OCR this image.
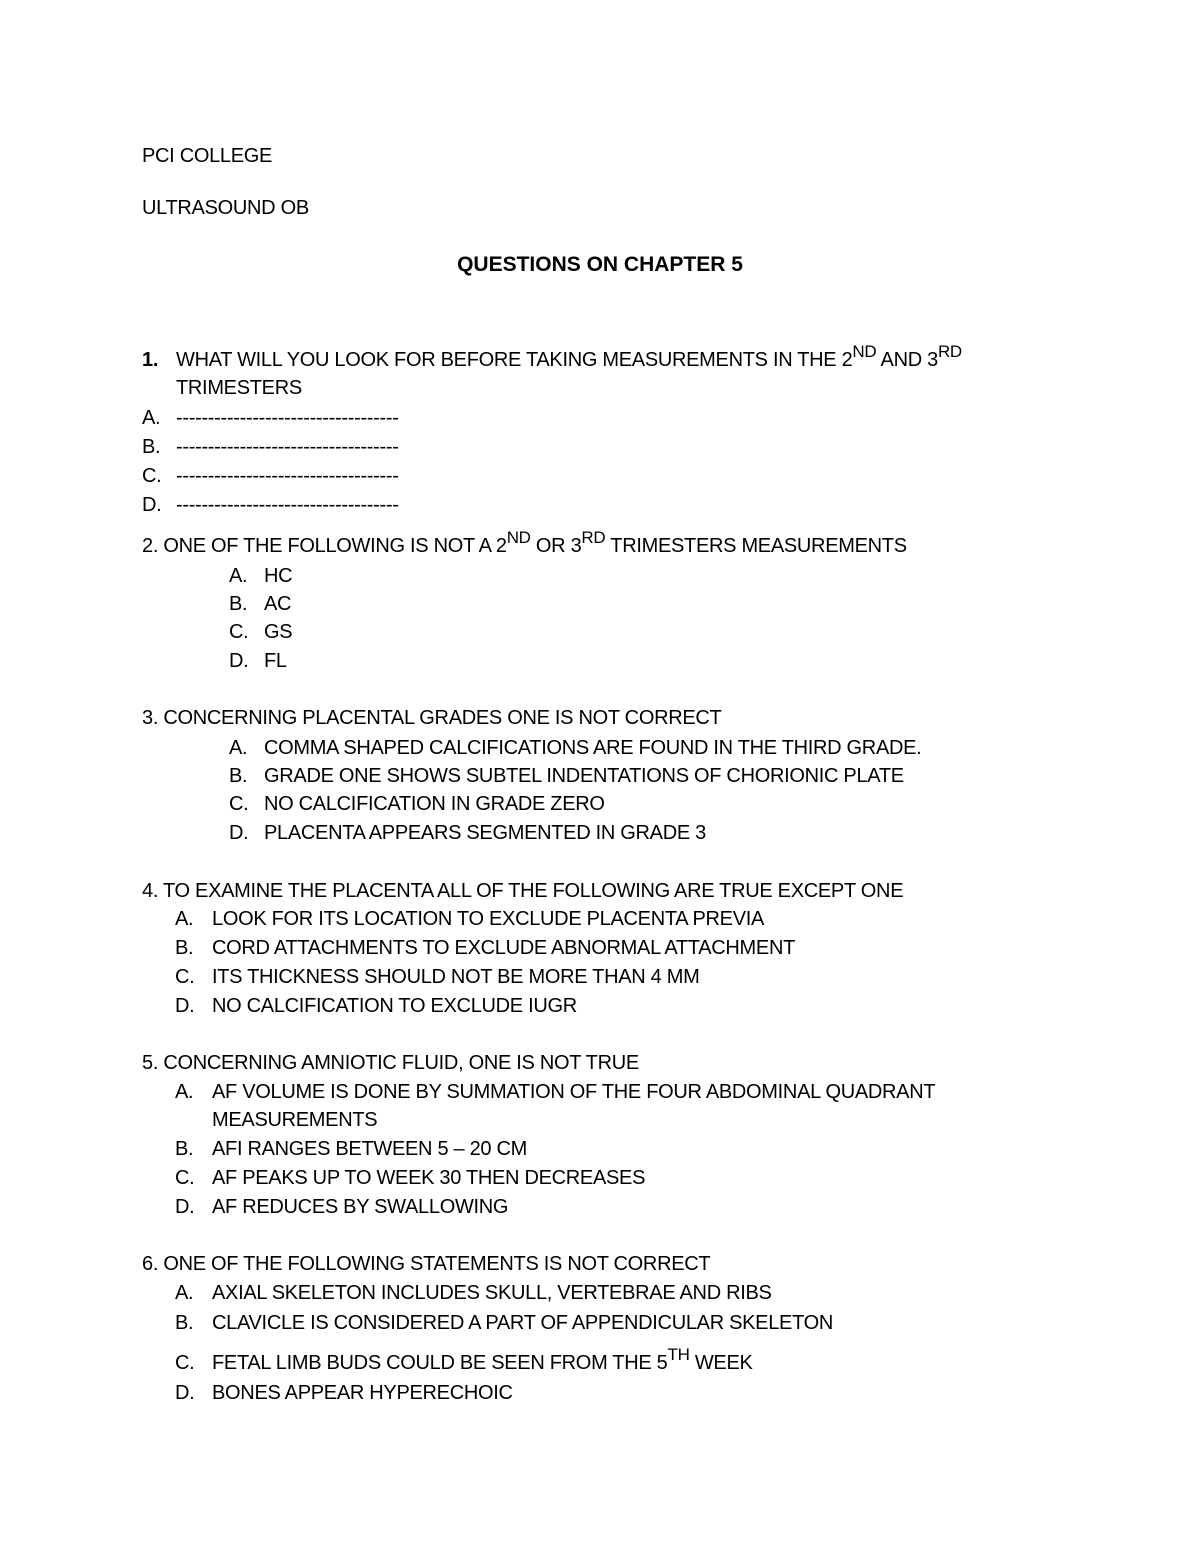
PCI COLLEGE
ULTRASOUND OB
QUESTIONS ON CHAPTER 5
1. WHAT WILL YOU LOOK FOR BEFORE TAKING MEASUREMENTS IN THE 2ND AND 3RD
TRIMESTERS
A. -----------------------------------
B. -----------------------------------
C. -----------------------------------
D. -----------------------------------
2. ONE OF THE FOLLOWING IS NOT A 2ND OR 3RD TRIMESTERS MEASUREMENTS
A. HC
B. AC
C. GS
D. FL
3. CONCERNING PLACENTAL GRADES ONE IS NOT CORRECT
A. COMMA SHAPED CALCIFICATIONS ARE FOUND IN THE THIRD GRADE.
B. GRADE ONE SHOWS SUBTEL INDENTATIONS OF CHORIONIC PLATE
C. NO CALCIFICATION IN GRADE ZERO
D. PLACENTA APPEARS SEGMENTED IN GRADE 3
4. TO EXAMINE THE PLACENTA ALL OF THE FOLLOWING ARE TRUE EXCEPT ONE
A. LOOK FOR ITS LOCATION TO EXCLUDE PLACENTA PREVIA
B. CORD ATTACHMENTS TO EXCLUDE ABNORMAL ATTACHMENT
C. ITS THICKNESS SHOULD NOT BE MORE THAN 4 MM
D. NO CALCIFICATION TO EXCLUDE IUGR
5. CONCERNING AMNIOTIC FLUID, ONE IS NOT TRUE
A. AF VOLUME IS DONE BY SUMMATION OF THE FOUR ABDOMINAL QUADRANT
MEASUREMENTS
B. AFI RANGES BETWEEN 5 – 20 CM
C. AF PEAKS UP TO WEEK 30 THEN DECREASES
D. AF REDUCES BY SWALLOWING
6. ONE OF THE FOLLOWING STATEMENTS IS NOT CORRECT
A. AXIAL SKELETON INCLUDES SKULL, VERTEBRAE AND RIBS
B. CLAVICLE IS CONSIDERED A PART OF APPENDICULAR SKELETON
C. FETAL LIMB BUDS COULD BE SEEN FROM THE 5TH WEEK
D. BONES APPEAR HYPERECHOIC
